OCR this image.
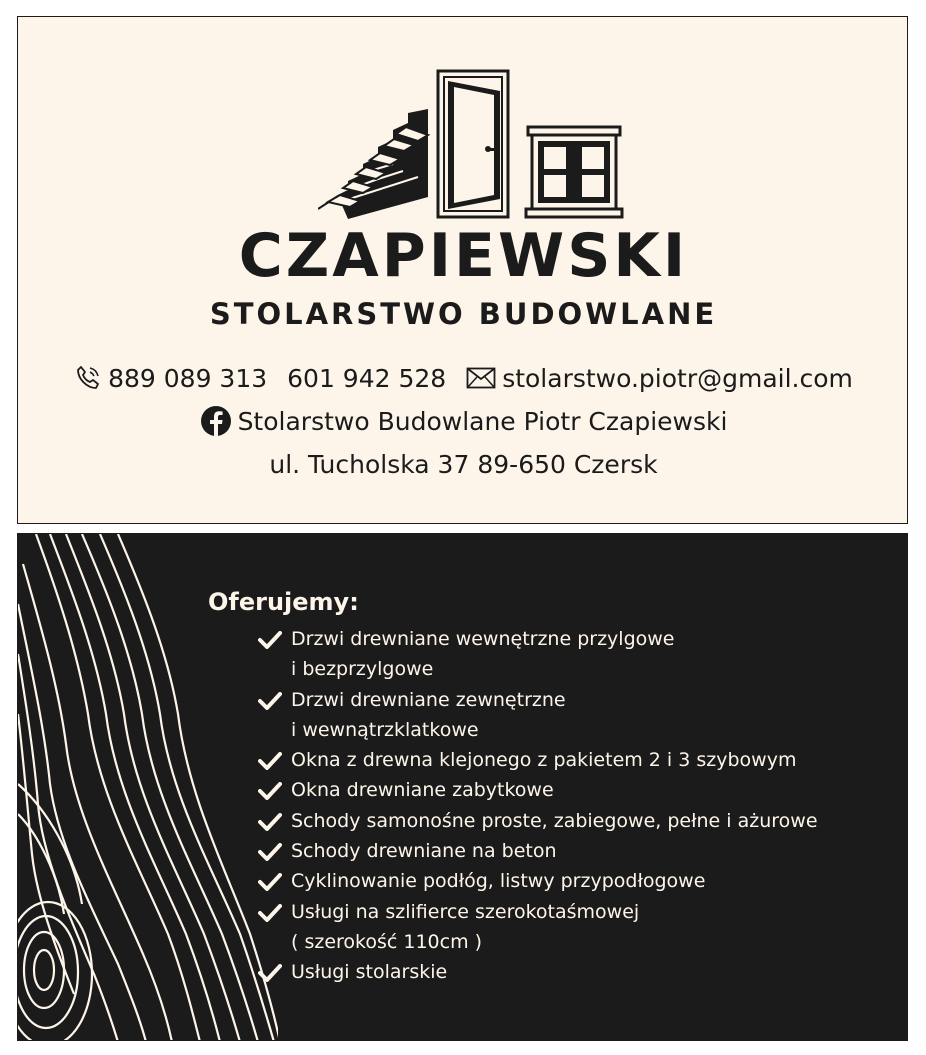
CZAPIEWSKI
STOLARSTWO BUDOWLANE
889 089 313 601 942 528 stolarstwo.piotr@gmail.com
Stolarstwo Budowlane Piotr Czapiewski
ul. Tucholska 37 89-650 Czersk
Oferujemy:
Drzwi drewniane wewnętrzne przylgowe
i bezprzylgowe
Drzwi drewniane zewnętrzne
i wewnątrzklatkowe
Okna z drewna klejonego z pakietem 2 i 3 szybowym
Okna drewniane zabytkowe
Schody samonośne proste, zabiegowe, pełne i ażurowe
Schody drewniane na beton
Cyklinowanie podłóg, listwy przypodłogowe
Usługi na szlifierce szerokotaśmowej
( szerokość 110cm )
Usługi stolarskie
